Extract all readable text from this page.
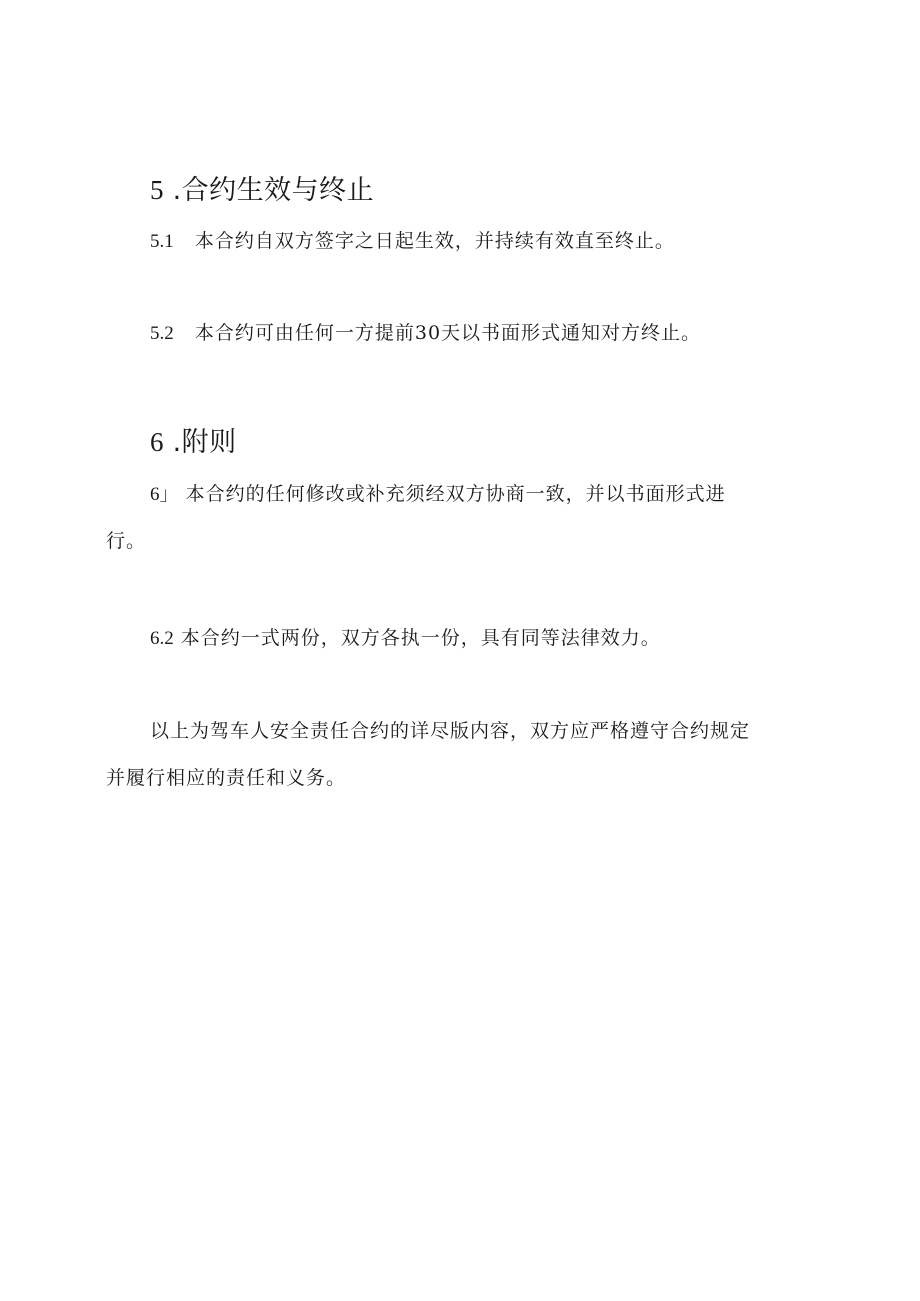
5 .合约生效与终止

5.1 本合约自双方签字之日起生效，并持续有效直至终止。

5.2 本合约可由任何一方提前30天以书面形式通知对方终止。

6 .附则

6」 本合约的任何修改或补充须经双方协商一致，并以书面形式进
行。

6.2 本合约一式两份，双方各执一份，具有同等法律效力。

以上为驾车人安全责任合约的详尽版内容，双方应严格遵守合约规定
并履行相应的责任和义务。
